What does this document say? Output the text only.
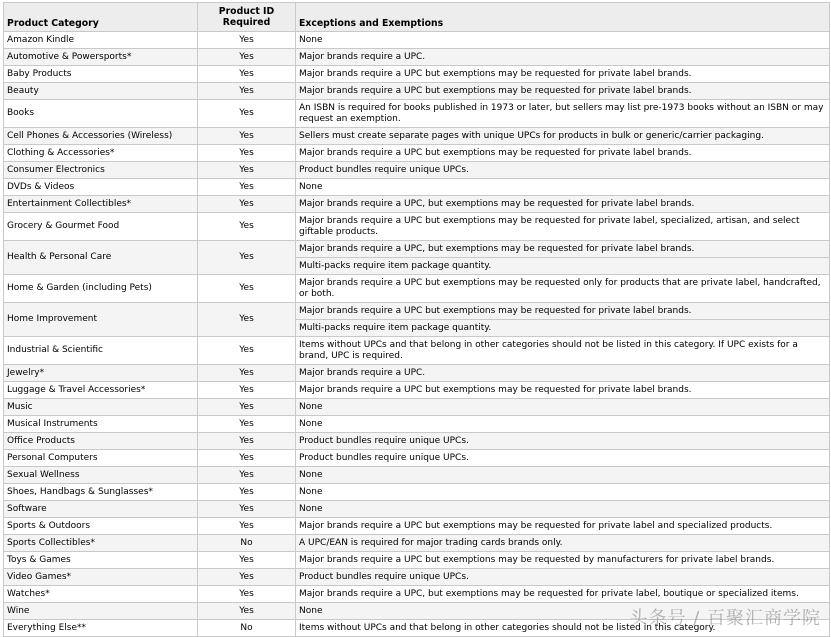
Product Category	Product ID Required	Exceptions and Exemptions
Amazon Kindle	Yes	None
Automotive & Powersports*	Yes	Major brands require a UPC.
Baby Products	Yes	Major brands require a UPC but exemptions may be requested for private label brands.
Beauty	Yes	Major brands require a UPC but exemptions may be requested for private label brands.
Books	Yes	An ISBN is required for books published in 1973 or later, but sellers may list pre-1973 books without an ISBN or may request an exemption.
Cell Phones & Accessories (Wireless)	Yes	Sellers must create separate pages with unique UPCs for products in bulk or generic/carrier packaging.
Clothing & Accessories*	Yes	Major brands require a UPC but exemptions may be requested for private label brands.
Consumer Electronics	Yes	Product bundles require unique UPCs.
DVDs & Videos	Yes	None
Entertainment Collectibles*	Yes	Major brands require a UPC, but exemptions may be requested for private label brands.
Grocery & Gourmet Food	Yes	Major brands require a UPC but exemptions may be requested for private label, specialized, artisan, and select giftable products.
Health & Personal Care	Yes	Major brands require a UPC, but exemptions may be requested for private label brands.
		Multi-packs require item package quantity.
Home & Garden (including Pets)	Yes	Major brands require a UPC but exemptions may be requested only for products that are private label, handcrafted, or both.
Home Improvement	Yes	Major brands require a UPC but exemptions may be requested for private label brands.
		Multi-packs require item package quantity.
Industrial & Scientific	Yes	Items without UPCs and that belong in other categories should not be listed in this category. If UPC exists for a brand, UPC is required.
Jewelry*	Yes	Major brands require a UPC.
Luggage & Travel Accessories*	Yes	Major brands require a UPC but exemptions may be requested for private label brands.
Music	Yes	None
Musical Instruments	Yes	None
Office Products	Yes	Product bundles require unique UPCs.
Personal Computers	Yes	Product bundles require unique UPCs.
Sexual Wellness	Yes	None
Shoes, Handbags & Sunglasses*	Yes	None
Software	Yes	None
Sports & Outdoors	Yes	Major brands require a UPC but exemptions may be requested for private label and specialized products.
Sports Collectibles*	No	A UPC/EAN is required for major trading cards brands only.
Toys & Games	Yes	Major brands require a UPC but exemptions may be requested by manufacturers for private label brands.
Video Games*	Yes	Product bundles require unique UPCs.
Watches*	Yes	Major brands require a UPC, but exemptions may be requested for private label, boutique or specialized items.
Wine	Yes	None
Everything Else**	No	Items without UPCs and that belong in other categories should not be listed in this category.
头条号 / 百聚汇商学院
